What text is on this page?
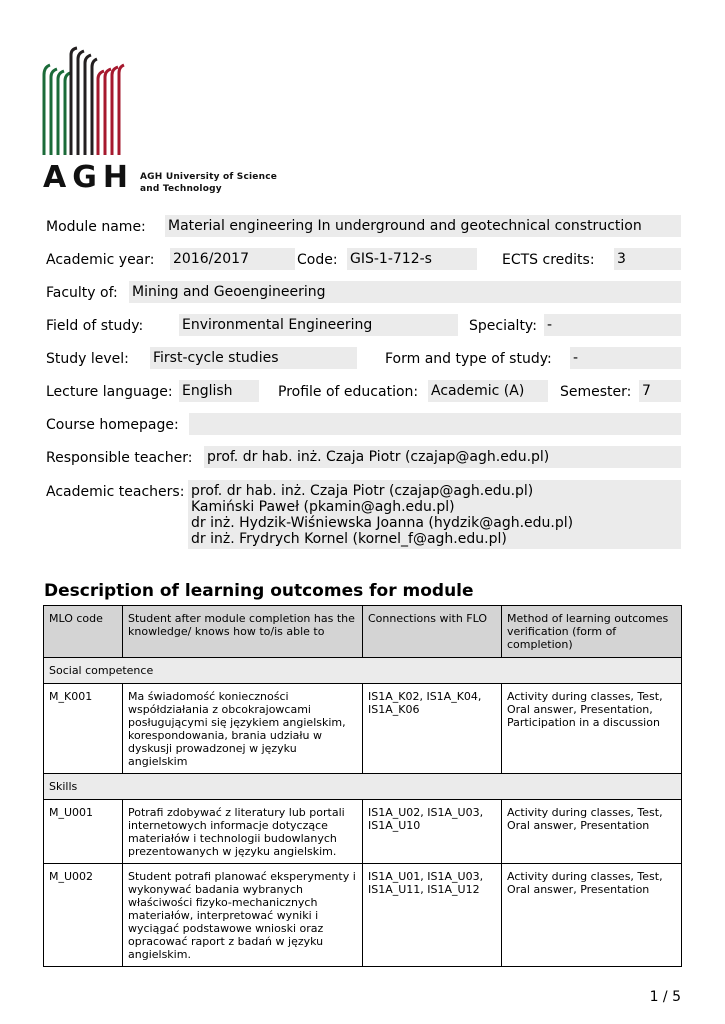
AGH AGH University of Science
and Technology
Module name: Material engineering In underground and geotechnical construction
Academic year: 2016/2017	Code: GIS-1-712-s	ECTS credits: 3
Faculty of: Mining and Geoengineering
Field of study:	Environmental Engineering	Specialty: -
Study level: First-cycle studies	Form and type of study: -
Lecture language: English	Profile of education: Academic (A)	Semester: 7
Course homepage:
Responsible teacher: prof. dr hab. inż. Czaja Piotr (czajap@agh.edu.pl)
Academic teachers: prof. dr hab. inż. Czaja Piotr (czajap@agh.edu.pl)
Kamiński Paweł (pkamin@agh.edu.pl)
dr inż. Hydzik-Wiśniewska Joanna (hydzik@agh.edu.pl)
dr inż. Frydrych Kornel (kornel_f@agh.edu.pl)
Description of learning outcomes for module
MLO code	Student after module completion has the knowledge/ knows how to/is able to	Connections with FLO	Method of learning outcomes verification (form of completion)
Social competence			
M_K001	Ma świadomość konieczności współdziałania z obcokrajowcami posługującymi się językiem angielskim, korespondowania, brania udziału w dyskusji prowadzonej w języku angielskim	IS1A_K02, IS1A_K04, IS1A_K06	Activity during classes, Test, Oral answer, Presentation, Participation in a discussion
Skills			
M_U001	Potrafi zdobywać z literatury lub portali internetowych informacje dotyczące materiałów i technologii budowlanych prezentowanych w języku angielskim.	IS1A_U02, IS1A_U03, IS1A_U10	Activity during classes, Test, Oral answer, Presentation
M_U002	Student potrafi planować eksperymenty i wykonywać badania wybranych właściwości fizyko-mechanicznych materiałów, interpretować wyniki i wyciągać podstawowe wnioski oraz opracować raport z badań w języku angielskim.	IS1A_U01, IS1A_U03, IS1A_U11, IS1A_U12	Activity during classes, Test, Oral answer, Presentation
1 / 5
